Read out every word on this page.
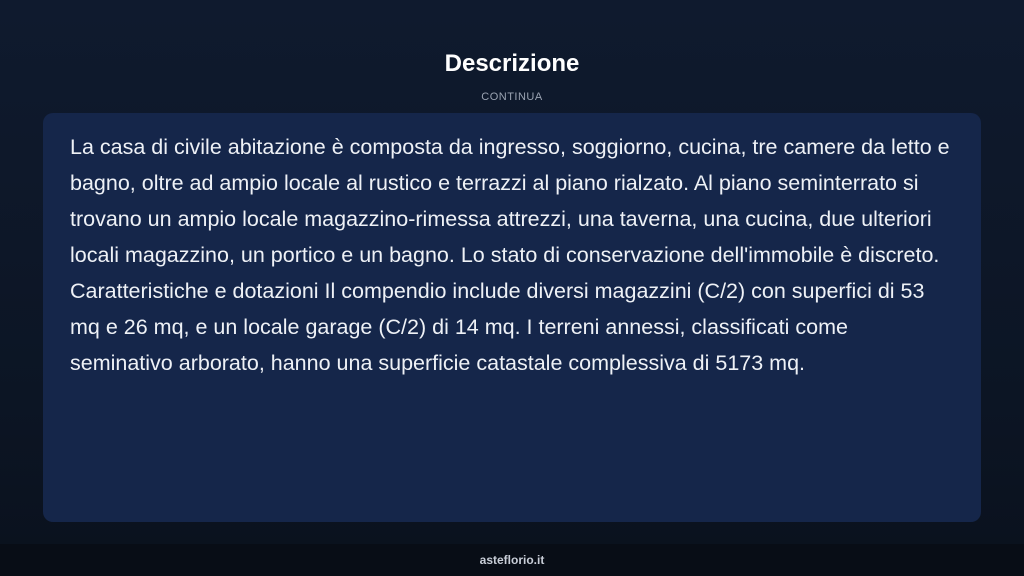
Descrizione
CONTINUA

La casa di civile abitazione è composta da ingresso, soggiorno, cucina, tre camere da letto e bagno, oltre ad ampio locale al rustico e terrazzi al piano rialzato. Al piano seminterrato si trovano un ampio locale magazzino-rimessa attrezzi, una taverna, una cucina, due ulteriori locali magazzino, un portico e un bagno. Lo stato di conservazione dell'immobile è discreto. Caratteristiche e dotazioni Il compendio include diversi magazzini (C/2) con superfici di 53 mq e 26 mq, e un locale garage (C/2) di 14 mq. I terreni annessi, classificati come seminativo arborato, hanno una superficie catastale complessiva di 5173 mq.

asteflorio.it
